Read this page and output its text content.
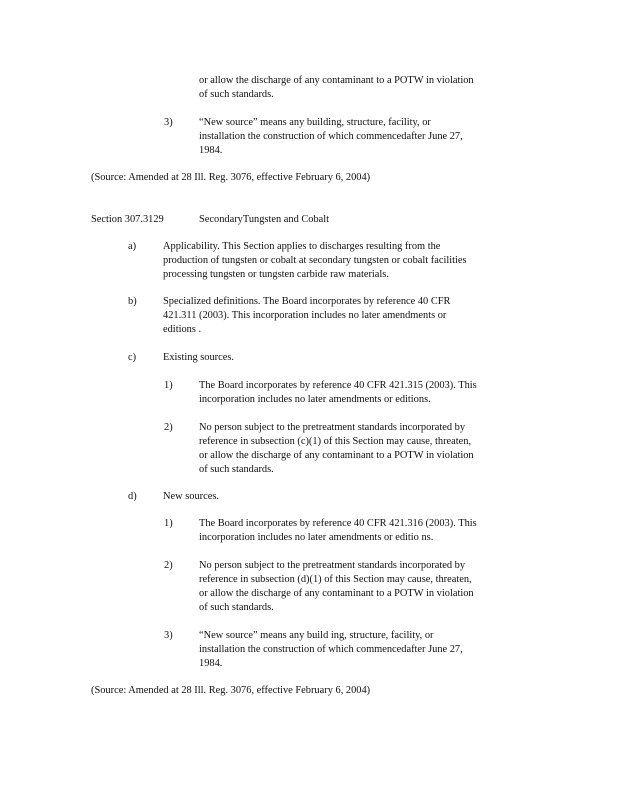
or allow the discharge of any contaminant to a POTW in violation

of such standards.

3)	“New source” means any building, structure, facility, or

installation the construction of which commencedafter June 27,

1984.

(Source: Amended at 28 Ill. Reg. 3076, effective February 6, 2004)

Section 307.3129	SecondaryTungsten and Cobalt
a)	Applicability. This Section applies to discharges resulting from the

production of tungsten or cobalt at secondary tungsten or cobalt facilities

processing tungsten or tungsten carbide raw materials.

b)	Specialized definitions. The Board incorporates by reference 40 CFR

421.311 (2003). This incorporation includes no later amendments or

editions .

c)	Existing sources.
1)	The Board incorporates by reference 40 CFR 421.315 (2003). This

incorporation includes no later amendments or editions.

2)	No person subject to the pretreatment standards incorporated by

reference in subsection (c)(1) of this Section may cause, threaten,

or allow the discharge of any contaminant to a POTW in violation

of such standards.

d)	New sources.
1)	The Board incorporates by reference 40 CFR 421.316 (2003). This

incorporation includes no later amendments or editio ns.

2)	No person subject to the pretreatment standards incorporated by

reference in subsection (d)(1) of this Section may cause, threaten,

or allow the discharge of any contaminant to a POTW in violation

of such standards.

3)	“New source” means any build ing, structure, facility, or

installation the construction of which commencedafter June 27,

1984.

(Source: Amended at 28 Ill. Reg. 3076, effective February 6, 2004)
